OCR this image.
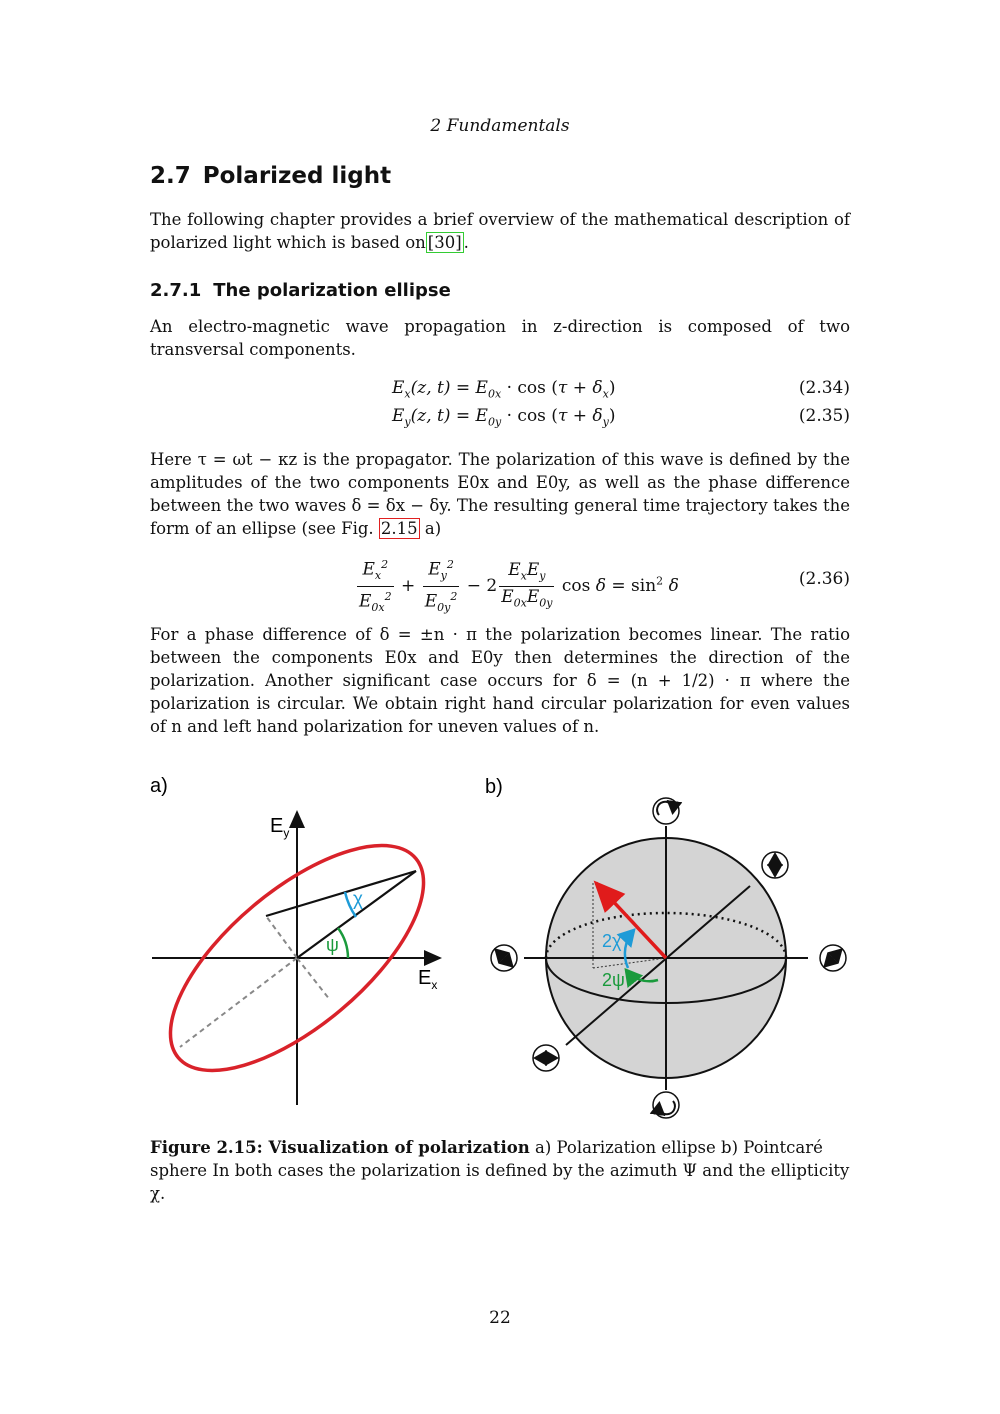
2 Fundamentals
2.7 Polarized light
The following chapter provides a brief overview of the mathematical description of polarized light which is based on [30] .
2.7.1 The polarization ellipse
An electro-magnetic wave propagation in z-direction is composed of two transversal components.
$E_x(z$, $t) = E_{0x} \cdot \cos (\tau + \delta_x)$	(2.34)
$E_y(z$, $t) = E_{0y} \cdot \cos (\tau + \delta_y)$	(2.35)
Here τ = ωt − κz is the propagator. The polarization of this wave is defined by the amplitudes of the two components E0x and E0y, as well as the phase difference between the two waves δ = δx − δy. The resulting general time trajectory takes the form of an ellipse (see Fig. 2.15 a)
$\frac{E_x^2}{E_{0x}^2} + \frac{E_y^2}{E_{0y}^2} - 2 \frac{E_xE_y}{E_{0x}E_{0y}}$ $\cos \delta = \sin^2 \delta$	(2.36)
For a phase difference of δ = ±n · π the polarization becomes linear. The ratio between the components E0x and E0y then determines the direction of the polarization. Another significant case occurs for δ = (n + 1/2) · π where the polarization is circular. We obtain right hand circular polarization for even values of n and left hand polarization for uneven values of n.
a)	b)
$E_y$
$E_x$
ψ
χ
2χ
2ψ
Figure 2.15: Visualization of polarization a) Polarization ellipse b) Pointcaré sphere In both cases the polarization is defined by the azimuth Ψ and the ellipticity χ.
22
